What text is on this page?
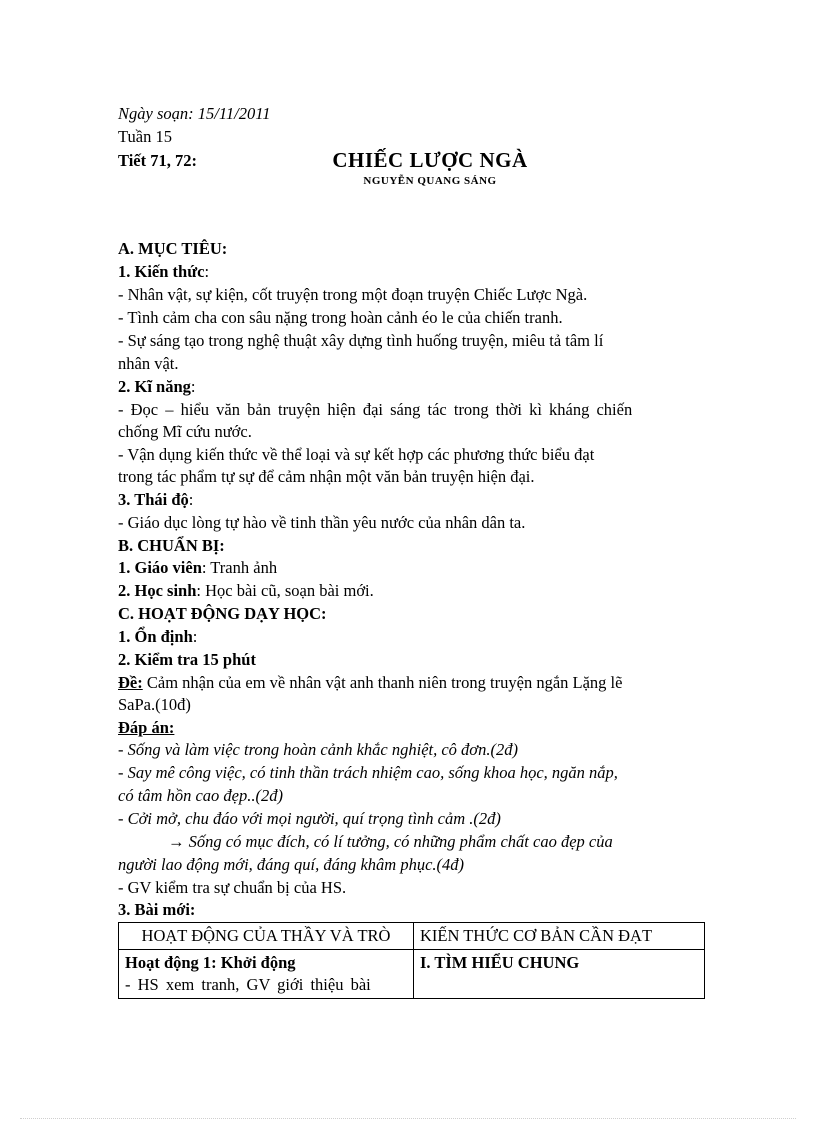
Ngày soạn: 15/11/2011
Tuần 15
Tiết 71, 72:	CHIẾC LƯỢC NGÀ
NGUYỄN QUANG SÁNG
A. MỤC TIÊU:
1. Kiến thức:
- Nhân vật, sự kiện, cốt truyện trong một đoạn truyện Chiếc Lược Ngà.
- Tình cảm cha con sâu nặng trong hoàn cảnh éo le của chiến tranh.
- Sự sáng tạo trong nghệ thuật xây dựng tình huống truyện, miêu tả tâm lí
nhân vật.
2. Kĩ năng:
- Đọc – hiểu văn bản truyện hiện đại sáng tác trong thời kì kháng chiến
chống Mĩ cứu nước.
- Vận dụng kiến thức về thể loại và sự kết hợp các phương thức biểu đạt
trong tác phẩm tự sự để cảm nhận một văn bản truyện hiện đại.
3. Thái độ:
- Giáo dục lòng tự hào về tinh thần yêu nước của nhân dân ta.
B. CHUẨN BỊ:
1. Giáo viên: Tranh ảnh
2. Học sinh: Học bài cũ, soạn bài mới.
C. HOẠT ĐỘNG DẠY HỌC:
1. Ổn định:
2. Kiểm tra 15 phút
Đề: Cảm nhận của em về nhân vật anh thanh niên trong truyện ngắn Lặng lẽ
SaPa.(10đ)
Đáp án:
- Sống và làm việc trong hoàn cảnh khắc nghiệt, cô đơn.(2đ)
- Say mê công việc, có tinh thần trách nhiệm cao, sống khoa học, ngăn nắp,
có tâm hồn cao đẹp..(2đ)
- Cởi mở, chu đáo với mọi người, quí trọng tình cảm .(2đ)
→ Sống có mục đích, có lí tưởng, có những phẩm chất cao đẹp của
người lao động mới, đáng quí, đáng khâm phục.(4đ)
- GV kiểm tra sự chuẩn bị của HS.
3. Bài mới:
HOẠT ĐỘNG CỦA THẦY VÀ TRÒ	KIẾN THỨC CƠ BẢN CẦN ĐẠT

Hoạt động 1: Khởi động
- HS xem tranh, GV giới thiệu bài	I. TÌM HIỂU CHUNG
